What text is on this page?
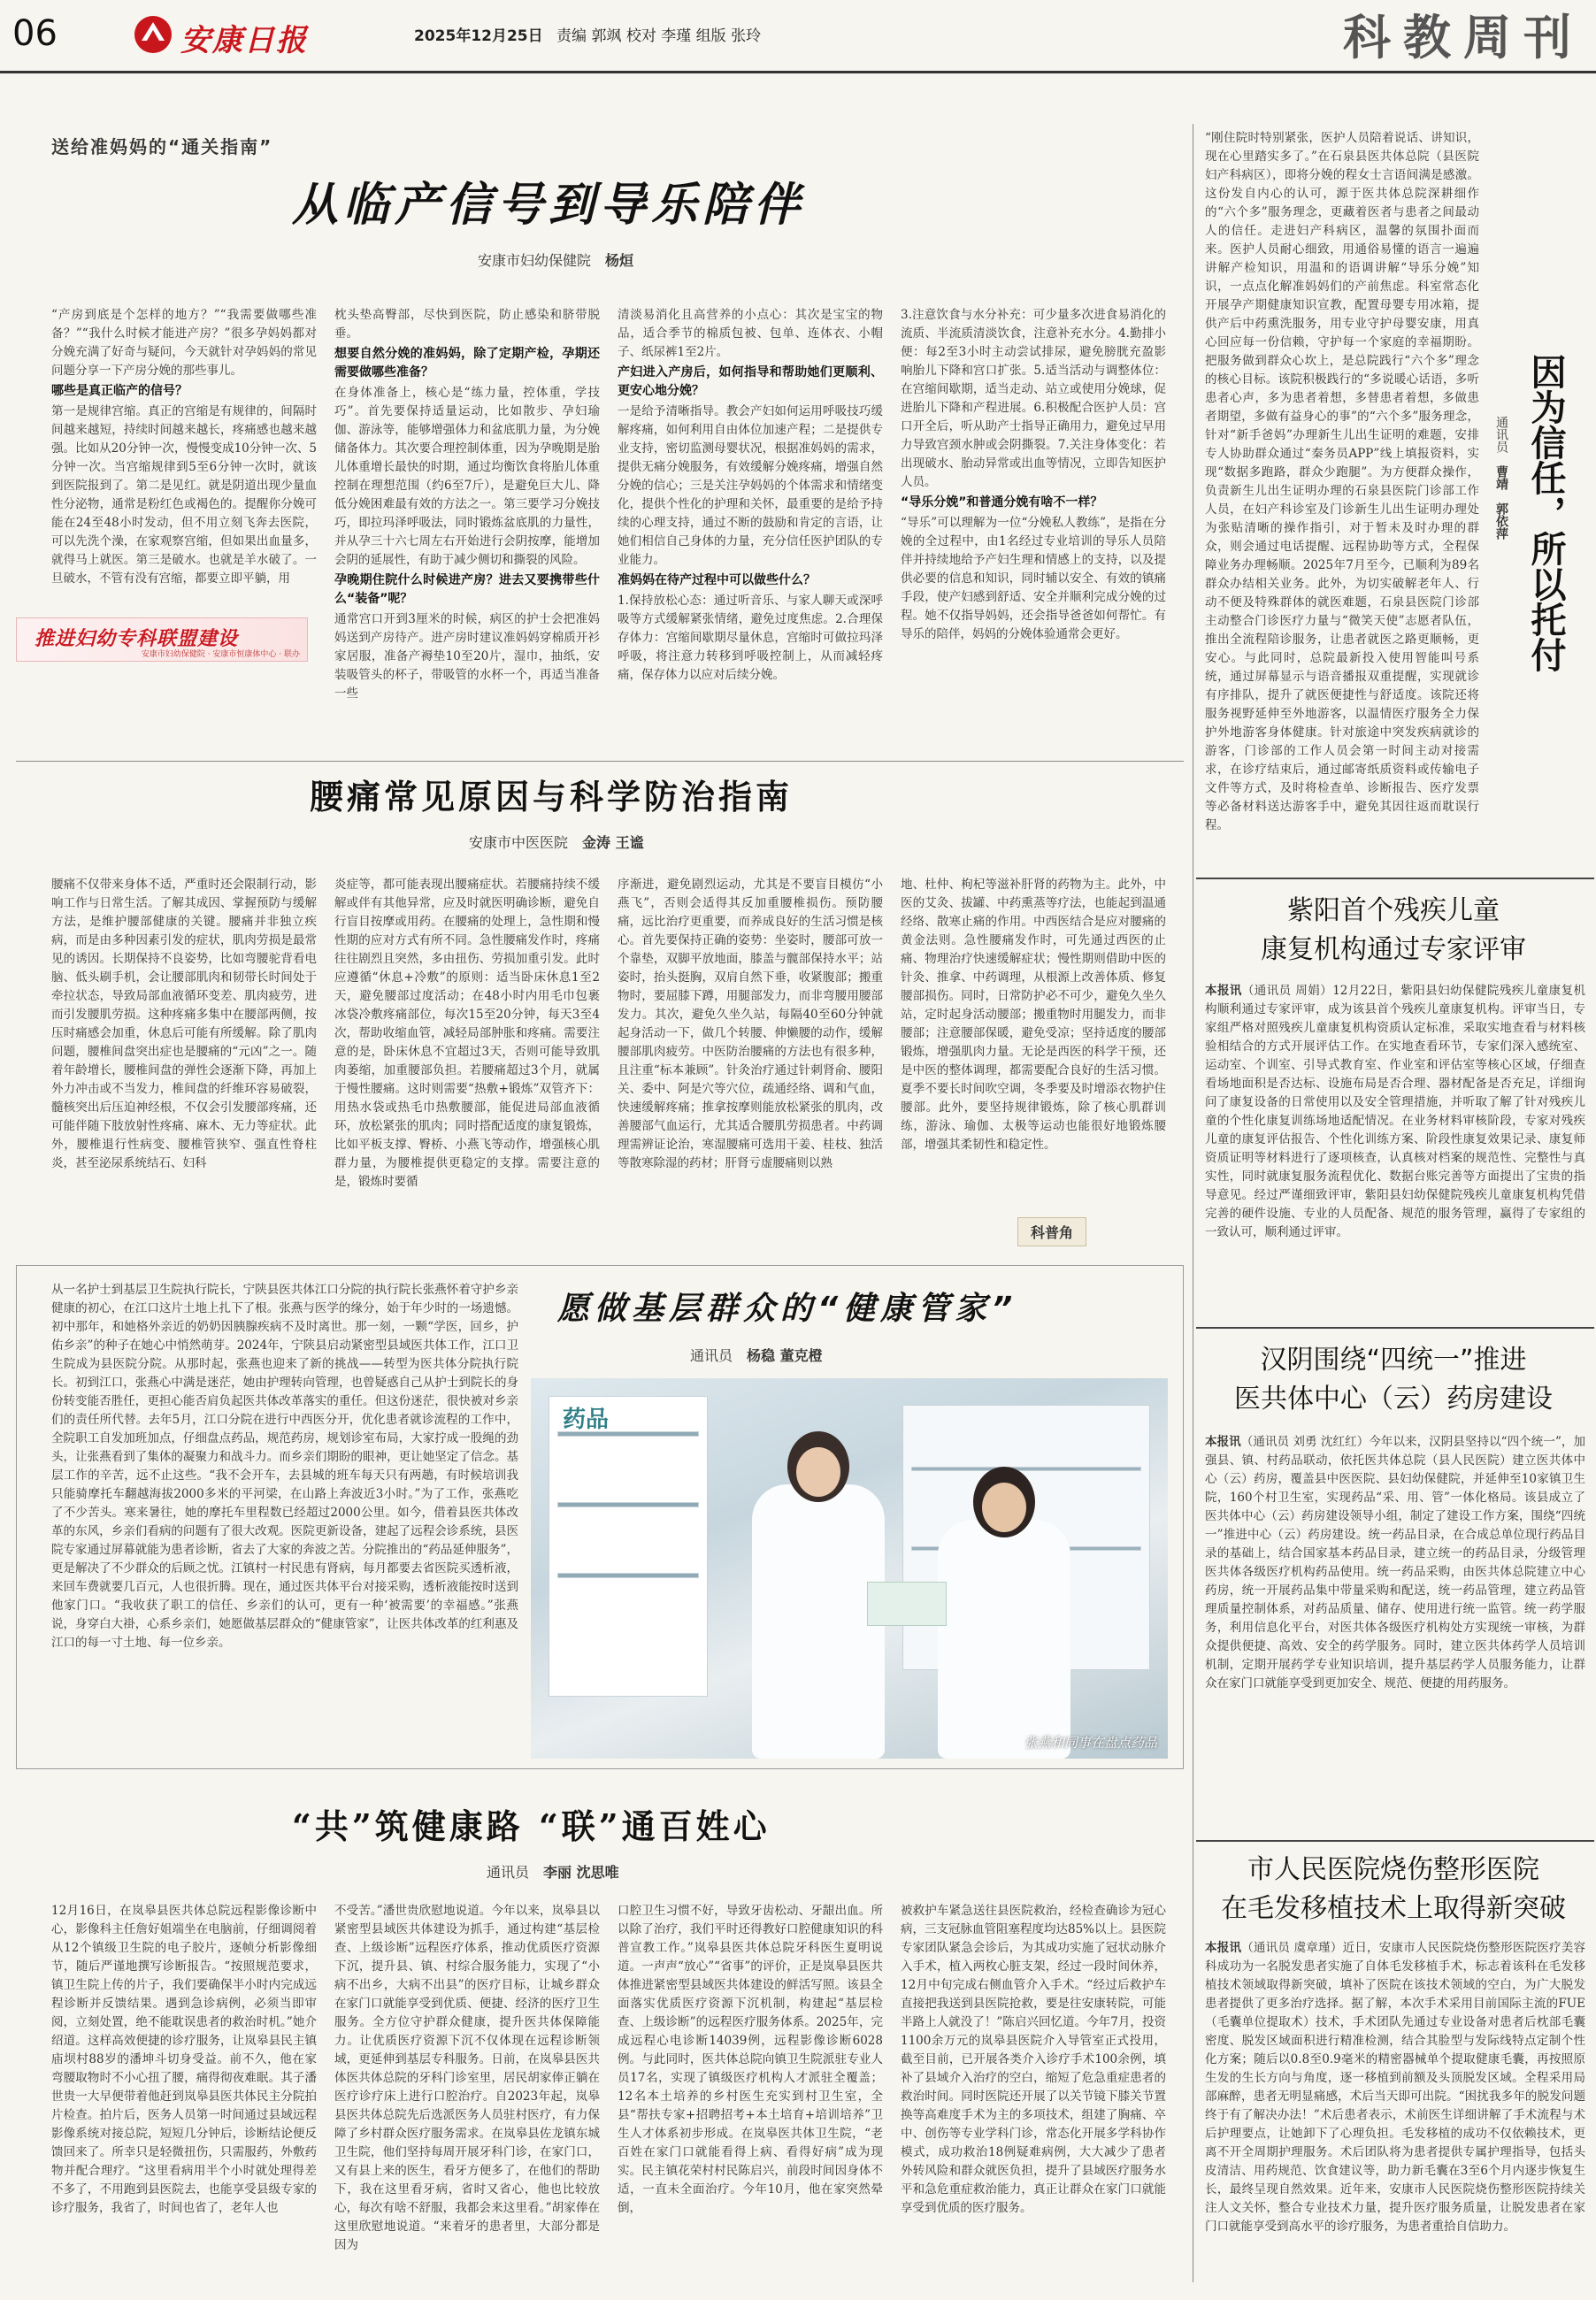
06	安康日报	2025年12月25日 责编 郭飒 校对 李瑾 组版 张玲	科教周刊
送给准妈妈的“通关指南”
从临产信号到导乐陪伴
安康市妇幼保健院　 杨烜
“产房到底是个怎样的地方？”“我需要做哪些准备？”“我什么时候才能进产房？”很多孕妈妈都对分娩充满了好奇与疑问，今天就针对孕妈妈的常见问题分享一下产房分娩的那些事儿。
哪些是真正临产的信号？
第一是规律宫缩。真正的宫缩是有规律的，间隔时间越来越短，持续时间越来越长，疼痛感也越来越强。比如从20分钟一次，慢慢变成10分钟一次、5分钟一次。当宫缩规律到5至6分钟一次时，就该到医院报到了。第二是见红。就是阴道出现少量血性分泌物，通常是粉红色或褐色的。提醒你分娩可能在24至48小时发动，但不用立刻飞奔去医院，可以先洗个澡，在家观察宫缩，但如果出血量多，就得马上就医。第三是破水。也就是羊水破了。一旦破水，不管有没有宫缩，都要立即平躺，用
推进妇幼专科联盟建设
安康市妇幼保健院 · 安康市恒康体中心 · 联办
枕头垫高臀部，尽快到医院，防止感染和脐带脱垂。
想要自然分娩的准妈妈，除了定期产检，孕期还需要做哪些准备？
在身体准备上，核心是“练力量，控体重，学技巧”。首先要保持适量运动，比如散步、孕妇瑜伽、游泳等，能够增强体力和盆底肌力量，为分娩储备体力。其次要合理控制体重，因为孕晚期是胎儿体重增长最快的时期，通过均衡饮食将胎儿体重控制在理想范围（约6至7斤），是避免巨大儿、降低分娩困难最有效的方法之一。第三要学习分娩技巧，即拉玛泽呼吸法，同时锻炼盆底肌的力量性，并从孕三十六七周左右开始进行会阴按摩，能增加会阴的延展性，有助于减少侧切和撕裂的风险。
孕晚期住院什么时候进产房？进去又要携带些什么“装备”呢？
通常宫口开到3厘米的时候，病区的护士会把准妈妈送到产房待产。进产房时建议准妈妈穿棉质开衫家居服，准备产褥垫10至20片，湿巾，抽纸，安装吸管头的杯子，带吸管的水杯一个，再适当准备一些
清淡易消化且高营养的小点心：其次是宝宝的物品，适合季节的棉质包被、包单、连体衣、小帽子、纸尿裤1至2片。
产妇进入产房后，如何指导和帮助她们更顺利、更安心地分娩？
一是给予清晰指导。教会产妇如何运用呼吸技巧缓解疼痛，如何利用自由体位加速产程；二是提供专业支持，密切监测母婴状况，根据准妈妈的需求，提供无痛分娩服务，有效缓解分娩疼痛，增强自然分娩的信心；三是关注孕妈妈的个体需求和情绪变化，提供个性化的护理和关怀，最重要的是给予持续的心理支持，通过不断的鼓励和肯定的言语，让她们相信自己身体的力量，充分信任医护团队的专业能力。
准妈妈在待产过程中可以做些什么？
1.保持放松心态：通过听音乐、与家人聊天或深呼吸等方式缓解紧张情绪，避免过度焦虑。2.合理保存体力：宫缩间歇期尽量休息，宫缩时可做拉玛泽呼吸，将注意力转移到呼吸控制上，从而减轻疼痛，保存体力以应对后续分娩。
3.注意饮食与水分补充：可少量多次进食易消化的流质、半流质清淡饮食，注意补充水分。4.勤排小便：每2至3小时主动尝试排尿，避免膀胱充盈影响胎儿下降和宫口扩张。5.适当活动与调整体位：在宫缩间歇期，适当走动、站立或使用分娩球，促进胎儿下降和产程进展。6.积极配合医护人员：宫口开全后，听从助产士指导正确用力，避免过早用力导致宫颈水肿或会阴撕裂。7.关注身体变化：若出现破水、胎动异常或出血等情况，立即告知医护人员。
“导乐分娩”和普通分娩有啥不一样？
“导乐”可以理解为一位“分娩私人教练”，是指在分娩的全过程中，由1名经过专业培训的导乐人员陪伴并持续地给予产妇生理和情感上的支持，以及提供必要的信息和知识，同时辅以安全、有效的镇痛手段，使产妇感到舒适、安全并顺利完成分娩的过程。她不仅指导妈妈，还会指导爸爸如何帮忙。有导乐的陪伴，妈妈的分娩体验通常会更好。
“刚住院时特别紧张，医护人员陪着说话、讲知识，现在心里踏实多了。”在石泉县医共体总院（县医院妇产科病区），即将分娩的程女士言语间满是感激。这份发自内心的认可，源于医共体总院深耕细作的“六个多”服务理念，更藏着医者与患者之间最动人的信任。走进妇产科病区，温馨的氛围扑面而来。医护人员耐心细致，用通俗易懂的语言一遍遍讲解产检知识，用温和的语调讲解“导乐分娩”知识，一点点化解准妈妈们的产前焦虑。科室常态化开展孕产期健康知识宣教，配置母婴专用冰箱，提供产后中药熏洗服务，用专业守护母婴安康，用真心回应每一份信赖，守护每一个家庭的幸福期盼。把服务做到群众心坎上，是总院践行“六个多”理念的核心目标。该院积极践行的“多说暖心话语，多听患者心声，多为患者着想，多替患者着想，多做患者期望，多做有益身心的事”的“六个多”服务理念，针对“新手爸妈”办理新生儿出生证明的难题，安排专人协助群众通过“秦务员APP”线上填报资料，实现“数据多跑路，群众少跑腿”。为方便群众操作，负责新生儿出生证明办理的石泉县医院门诊部工作人员，在妇产科诊室及门诊新生儿出生证明办理处为张贴清晰的操作指引，对于暂未及时办理的群众，则会通过电话提醒、远程协助等方式，全程保障业务办理畅顺。2025年7月至今，已顺利为89名群众办结相关业务。此外，为切实破解老年人、行动不便及特殊群体的就医难题，石泉县医院门诊部主动整合门诊医疗力量与“微笑天使”志愿者队伍，推出全流程陪诊服务，让患者就医之路更顺畅，更安心。与此同时，总院最新投入使用智能叫号系统，通过屏幕显示与语音播报双重提醒，实现就诊有序排队，提升了就医便捷性与舒适度。该院还将服务视野延伸至外地游客，以温情医疗服务全力保护外地游客身体健康。针对旅途中突发疾病就诊的游客，门诊部的工作人员会第一时间主动对接需求，在诊疗结束后，通过邮寄纸质资料或传输电子文件等方式，及时将检查单、诊断报告、医疗发票等必备材料送达游客手中，避免其因往返而耽误行程。
因为信任，所以托付
通讯员　曹靖　郭依萍
腰痛常见原因与科学防治指南
安康市中医医院　 金涛 王谧
腰痛不仅带来身体不适，严重时还会限制行动，影响工作与日常生活。了解其成因、掌握预防与缓解方法，是维护腰部健康的关键。腰痛并非独立疾病，而是由多种因素引发的症状，肌肉劳损是最常见的诱因。长期保持不良姿势，比如弯腰驼背看电脑、低头刷手机，会让腰部肌肉和韧带长时间处于牵拉状态，导致局部血液循环变差、肌肉疲劳，进而引发腰肌劳损。这种疼痛多集中在腰部两侧，按压时痛感会加重，休息后可能有所缓解。除了肌肉问题，腰椎间盘突出症也是腰痛的“元凶”之一。随着年龄增长，腰椎间盘的弹性会逐渐下降，再加上外力冲击或不当发力，椎间盘的纤维环容易破裂，髓核突出后压迫神经根，不仅会引发腰部疼痛，还可能伴随下肢放射性疼痛、麻木、无力等症状。此外，腰椎退行性病变、腰椎管狭窄、强直性脊柱炎，甚至泌尿系统结石、妇科
炎症等，都可能表现出腰痛症状。若腰痛持续不缓解或伴有其他异常，应及时就医明确诊断，避免自行盲目按摩或用药。在腰痛的处理上，急性期和慢性期的应对方式有所不同。急性腰痛发作时，疼痛往往剧烈且突然，多由扭伤、劳损加重引发。此时应遵循“休息+冷敷”的原则：适当卧床休息1至2天，避免腰部过度活动；在48小时内用毛巾包裹冰袋冷敷疼痛部位，每次15至20分钟，每天3至4次，帮助收缩血管，减轻局部肿胀和疼痛。需要注意的是，卧床休息不宜超过3天，否则可能导致肌肉萎缩，加重腰部负担。若腰痛超过3个月，就属于慢性腰痛。这时则需要“热敷+锻炼”双管齐下：用热水袋或热毛巾热敷腰部，能促进局部血液循环，放松紧张的肌肉；同时搭配适度的康复锻炼，比如平板支撑、臀桥、小燕飞等动作，增强核心肌群力量，为腰椎提供更稳定的支撑。需要注意的是，锻炼时要循
序渐进，避免剧烈运动，尤其是不要盲目模仿“小燕飞”，否则会适得其反加重腰椎损伤。预防腰痛，远比治疗更重要，而养成良好的生活习惯是核心。首先要保持正确的姿势：坐姿时，腰部可放一个靠垫，双脚平放地面，膝盖与髋部保持水平；站姿时，抬头挺胸，双肩自然下垂，收紧腹部；搬重物时，要屈膝下蹲，用腿部发力，而非弯腰用腰部发力。其次，避免久坐久站，每隔40至60分钟就起身活动一下，做几个转腰、伸懒腰的动作，缓解腰部肌肉疲劳。中医防治腰痛的方法也有很多种，且注重“标本兼顾”。针灸治疗通过针刺肾俞、腰阳关、委中、阿是穴等穴位，疏通经络、调和气血，快速缓解疼痛；推拿按摩则能放松紧张的肌肉，改善腰部气血运行，尤其适合腰肌劳损患者。中药调理需辨证论治，寒湿腰痛可选用干姜、桂枝、独活等散寒除湿的药材；肝肾亏虚腰痛则以熟
地、杜仲、枸杞等滋补肝肾的药物为主。此外，中医的艾灸、拔罐、中药熏蒸等疗法，也能起到温通经络、散寒止痛的作用。中西医结合是应对腰痛的黄金法则。急性腰痛发作时，可先通过西医的止痛、物理治疗快速缓解症状；慢性期则借助中医的针灸、推拿、中药调理，从根源上改善体质、修复腰部损伤。同时，日常防护必不可少，避免久坐久站，定时起身活动腰部；搬重物时用腿发力，而非腰部；注意腰部保暖，避免受凉；坚持适度的腰部锻炼，增强肌肉力量。无论是西医的科学干预，还是中医的整体调理，都需要配合良好的生活习惯。夏季不要长时间吹空调，冬季要及时增添衣物护住腰部。此外，要坚持规律锻炼，除了核心肌群训练，游泳、瑜伽、太极等运动也能很好地锻炼腰部，增强其柔韧性和稳定性。
科普角
紫阳首个残疾儿童
康复机构通过专家评审
本报讯（通讯员 周娟）12月22日，紫阳县妇幼保健院残疾儿童康复机构顺利通过专家评审，成为该县首个残疾儿童康复机构。评审当日，专家组严格对照残疾儿童康复机构资质认定标准，采取实地查看与材料核验相结合的方式开展评估工作。在实地查看环节，专家们深入感统室、运动室、个训室、引导式教育室、作业室和评估室等核心区域，仔细查看场地面积是否达标、设施布局是否合理、器材配备是否充足，详细询问了康复设备的日常使用以及安全管理措施，并听取了解了针对残疾儿童的个性化康复训练场地适配情况。在业务材料审核阶段，专家对残疾儿童的康复评估报告、个性化训练方案、阶段性康复效果记录、康复师资质证明等材料进行了逐项核查，认真核对档案的规范性、完整性与真实性，同时就康复服务流程优化、数据台账完善等方面提出了宝贵的指导意见。经过严谨细致评审，紫阳县妇幼保健院残疾儿童康复机构凭借完善的硬件设施、专业的人员配备、规范的服务管理，赢得了专家组的一致认可，顺利通过评审。
愿做基层群众的“健康管家”
通讯员　 杨稳 董克橙
从一名护士到基层卫生院执行院长，宁陕县医共体江口分院的执行院长张燕怀着守护乡亲健康的初心，在江口这片土地上扎下了根。张燕与医学的缘分，始于年少时的一场遗憾。初中那年，和她格外亲近的奶奶因胰腺疾病不及时离世。那一刻，一颗“学医，回乡，护佑乡亲”的种子在她心中悄然萌芽。2024年，宁陕县启动紧密型县域医共体工作，江口卫生院成为县医院分院。从那时起，张燕也迎来了新的挑战——转型为医共体分院执行院长。初到江口，张燕心中满是迷茫，她由护理转向管理，也曾疑惑自己从护士到院长的身份转变能否胜任，更担心能否肩负起医共体改革落实的重任。但这份迷茫，很快被对乡亲们的责任所代替。去年5月，江口分院在进行中西医分开，优化患者就诊流程的工作中，全院职工自发加班加点，仔细盘点药品，规范药房，规划诊室布局，大家拧成一股绳的劲头，让张燕看到了集体的凝聚力和战斗力。而乡亲们期盼的眼神，更让她坚定了信念。基层工作的辛苦，远不止这些。“我不会开车，去县城的班车每天只有两趟，有时候培训我只能骑摩托车翻越海拔2000多米的平河梁，在山路上奔波近3小时。”为了工作，张燕吃了不少苦头。寒来暑往，她的摩托车里程数已经超过2000公里。如今，借着县医共体改革的东风，乡亲们看病的问题有了很大改观。医院更新设备，建起了远程会诊系统，县医院专家通过屏幕就能为患者诊断，省去了大家的奔波之苦。分院推出的“药品延伸服务”，更是解决了不少群众的后顾之忧。江镇村一村民患有肾病，每月都要去省医院买透析液，来回车费就要几百元，人也很折腾。现在，通过医共体平台对接采购，透析液能按时送到他家门口。“我收获了职工的信任、乡亲们的认可，更有一种‘被需要’的幸福感。”张燕说，身穿白大褂，心系乡亲们，她愿做基层群众的“健康管家”，让医共体改革的红利惠及江口的每一寸土地、每一位乡亲。
药品
张燕和同事在盘点药品
汉阴围绕“四统一”推进
医共体中心（云）药房建设
本报讯（通讯员 刘勇 沈红红）今年以来，汉阴县坚持以“四个统一”，加强县、镇、村药品联动，依托医共体总院（县人民医院）建立医共体中心（云）药房，覆盖县中医医院、县妇幼保健院，并延伸至10家镇卫生院，160个村卫生室，实现药品“采、用、管”一体化格局。该县成立了医共体中心（云）药房建设领导小组，制定了建设工作方案，围绕“四统一”推进中心（云）药房建设。统一药品目录，在合成总单位现行药品目录的基础上，结合国家基本药品目录，建立统一的药品目录，分级管理医共体各级医疗机构药品使用。统一药品采购，由医共体总院建立中心药房，统一开展药品集中带量采购和配送，统一药品管理，建立药品管理质量控制体系，对药品质量、储存、使用进行统一监管。统一药学服务，利用信息化平台，对医共体各级医疗机构处方实现统一审核，为群众提供便捷、高效、安全的药学服务。同时，建立医共体药学人员培训机制，定期开展药学专业知识培训，提升基层药学人员服务能力，让群众在家门口就能享受到更加安全、规范、便捷的用药服务。
“共”筑健康路 “联”通百姓心
通讯员　 李丽 沈思唯
12月16日，在岚皋县医共体总院远程影像诊断中心，影像科主任詹好姐端坐在电脑前，仔细调阅着从12个镇级卫生院的电子胶片，逐帧分析影像细节，随后严谨地撰写诊断报告。“按照规范要求，镇卫生院上传的片子，我们要确保半小时内完成远程诊断并反馈结果。遇到急诊病例，必须当即审阅，立刻处置，绝不能耽误患者的救治时机。”她介绍道。这样高效便捷的诊疗服务，让岚皋县民主镇庙坝村88岁的潘坤斗切身受益。前不久，他在家弯腰取物时不小心扭了腰，痛得彻夜难眠。其子潘世贵一大早便带着他赶到岚皋县医共体民主分院拍片检查。拍片后，医务人员第一时间通过县域远程影像系统对接总院，短短几分钟后，诊断结论便反馈回来了。所幸只是轻微扭伤，只需服药，外敷药物并配合理疗。“这里看病用半个小时就处理得差不多了，不用跑到县医院去，也能享受县级专家的诊疗服务，我省了，时间也省了，老年人也
不受苦。”潘世贵欣慰地说道。今年以来，岚皋县以紧密型县域医共体建设为抓手，通过构建“基层检查、上级诊断”远程医疗体系，推动优质医疗资源下沉，提升县、镇、村综合服务能力，实现了“小病不出乡，大病不出县”的医疗目标，让城乡群众在家门口就能享受到优质、便捷、经济的医疗卫生服务。全方位守护群众健康，提升医共体保障能力。让优质医疗资源下沉不仅体现在远程诊断领域，更延伸到基层专科服务。日前，在岚皋县医共体医共体总院的牙科门诊室里，居民胡家俸正躺在医疗诊疗床上进行口腔治疗。自2023年起，岚皋县医共体总院先后选派医务人员驻村医疗，有力保障了乡村群众医疗服务需求。在岚皋县佐龙镇东城卫生院，他们坚持每周开展牙科门诊，在家门口，又有县上来的医生，看牙方便多了，在他们的帮助下，我在这里看牙病，省时又省心，他也比较放心，每次有啥不舒服，我都会来这里看。”胡家俸在这里欣慰地说道。“来着牙的患者里，大部分都是因为
口腔卫生习惯不好，导致牙齿松动、牙龈出血。所以除了治疗，我们平时还得教好口腔健康知识的科普宣教工作。”岚皋县医共体总院牙科医生夏明说道。一声声“放心”“省事”的评价，正是岚皋县医共体推进紧密型县域医共体建设的鲜活写照。该县全面落实优质医疗资源下沉机制，构建起“基层检查、上级诊断”的远程医疗服务体系。2025年，完成远程心电诊断14039例，远程影像诊断6028例。与此同时，医共体总院向镇卫生院派驻专业人员17名，实现了镇级医疗机构人才派驻全覆盖；12名本土培养的乡村医生充实到村卫生室，全县“帮扶专家+招聘招考+本土培育+培训培养”卫生人才体系初步形成。在岚皋医共体卫生院，“老百姓在家门口就能看得上病、看得好病”成为现实。民主镇花荣村村民陈启兴，前段时间因身体不适，一直未全面治疗。今年10月，他在家突然晕倒，
被救护车紧急送往县医院救治，经检查确诊为冠心病，三支冠脉血管阻塞程度均达85%以上。县医院专家团队紧急会诊后，为其成功实施了冠状动脉介入手术，植入两枚心脏支架，经过一段时间休养，12月中旬完成右侧血管介入手术。“经过后救护车直接把我送到县医院抢救，要是往安康转院，可能半路上人就没了！”陈启兴回忆道。今年7月，投资1100余万元的岚皋县医院介入导管室正式投用，截至目前，已开展各类介入诊疗手术100余例，填补了县域介入治疗的空白，缩短了危急重症患者的救治时间。同时医院还开展了以关节镜下膝关节置换等高难度手术为主的多项技术，组建了胸痛、卒中、创伤等专业学科门诊，常态化开展多学科协作模式，成功救治18例疑难病例，大大减少了患者外转风险和群众就医负担，提升了县域医疗服务水平和急危重症救治能力，真正让群众在家门口就能享受到优质的医疗服务。
市人民医院烧伤整形医院
在毛发移植技术上取得新突破
本报讯（通讯员 虞章瑾）近日，安康市人民医院烧伤整形医院医疗美容科成功为一名脱发患者实施了自体毛发移植手术，标志着该科在毛发移植技术领域取得新突破，填补了医院在该技术领域的空白，为广大脱发患者提供了更多治疗选择。据了解，本次手术采用目前国际主流的FUE（毛囊单位提取术）技术，手术团队先通过专业设备对患者后枕部毛囊密度、脱发区域面积进行精准检测，结合其脸型与发际线特点定制个性化方案；随后以0.8至0.9毫米的精密器械单个提取健康毛囊，再按照原生发的生长方向与角度，逐一移植到前额及头顶脱发区域。全程采用局部麻醉，患者无明显痛感，术后当天即可出院。“困扰我多年的脱发问题终于有了解决办法！”术后患者表示，术前医生详细讲解了手术流程与术后护理要点，让她卸下了心理负担。毛发移植的成功不仅依赖技术，更离不开全周期护理服务。术后团队将为患者提供专属护理指导，包括头皮清洁、用药规范、饮食建议等，助力新毛囊在3至6个月内逐步恢复生长，最终呈现自然效果。近年来，安康市人民医院烧伤整形医院持续关注人文关怀，整合专业技术力量，提升医疗服务质量，让脱发患者在家门口就能享受到高水平的诊疗服务，为患者重拾自信助力。
